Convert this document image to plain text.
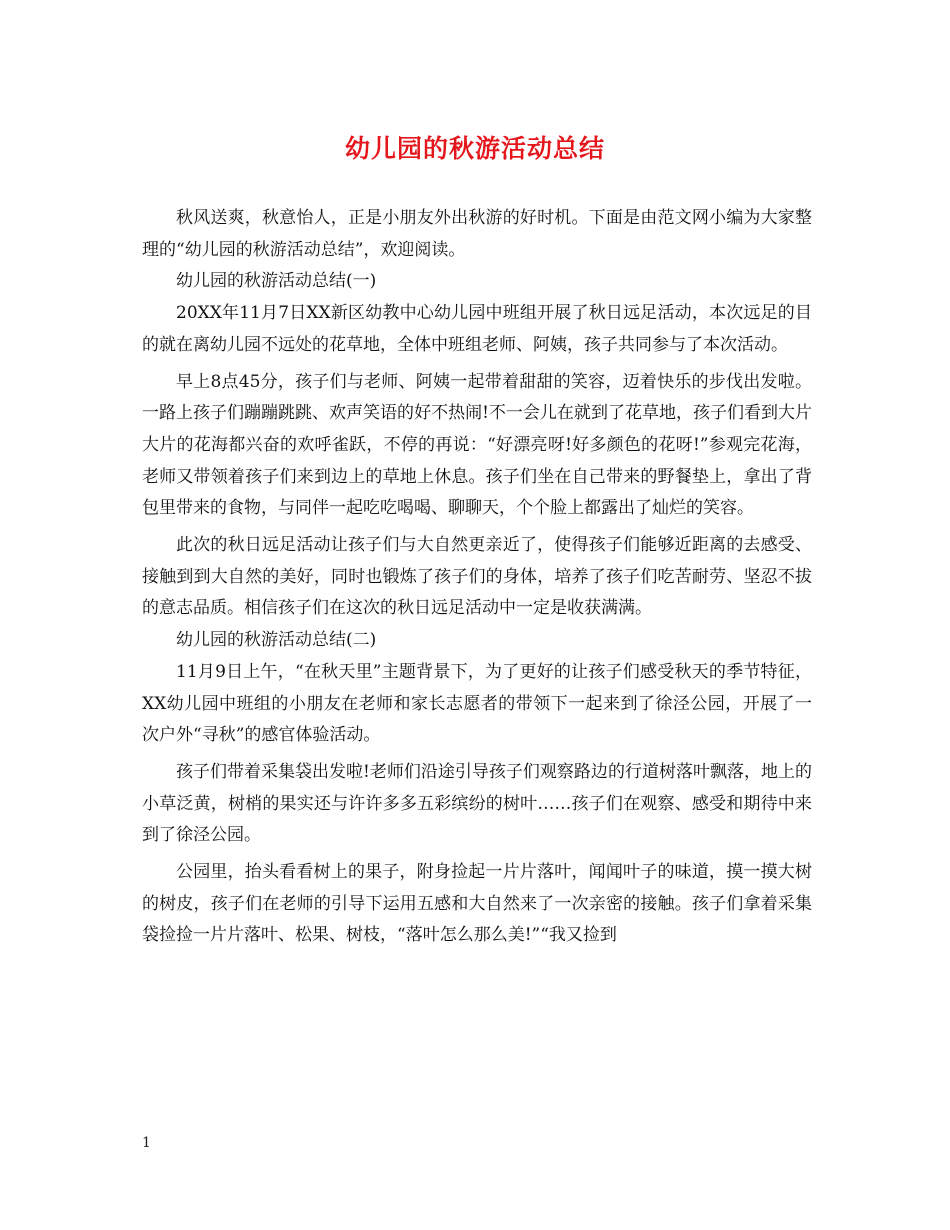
幼儿园的秋游活动总结

秋风送爽，秋意怡人，正是小朋友外出秋游的好时机。下面是由范文网小编为大家整理的“幼儿园的秋游活动总结”，欢迎阅读。

幼儿园的秋游活动总结(一)

20XX年11月7日XX新区幼教中心幼儿园中班组开展了秋日远足活动，本次远足的目的就在离幼儿园不远处的花草地，全体中班组老师、阿姨，孩子共同参与了本次活动。

早上8点45分，孩子们与老师、阿姨一起带着甜甜的笑容，迈着快乐的步伐出发啦。一路上孩子们蹦蹦跳跳、欢声笑语的好不热闹!不一会儿在就到了花草地，孩子们看到大片大片的花海都兴奋的欢呼雀跃，不停的再说：“好漂亮呀!好多颜色的花呀!”参观完花海，老师又带领着孩子们来到边上的草地上休息。孩子们坐在自己带来的野餐垫上，拿出了背包里带来的食物，与同伴一起吃吃喝喝、聊聊天，个个脸上都露出了灿烂的笑容。

此次的秋日远足活动让孩子们与大自然更亲近了，使得孩子们能够近距离的去感受、接触到到大自然的美好，同时也锻炼了孩子们的身体，培养了孩子们吃苦耐劳、坚忍不拔的意志品质。相信孩子们在这次的秋日远足活动中一定是收获满满。

幼儿园的秋游活动总结(二)

11月9日上午，“在秋天里”主题背景下，为了更好的让孩子们感受秋天的季节特征，XX幼儿园中班组的小朋友在老师和家长志愿者的带领下一起来到了徐泾公园，开展了一次户外“寻秋”的感官体验活动。

孩子们带着采集袋出发啦!老师们沿途引导孩子们观察路边的行道树落叶飘落，地上的小草泛黄，树梢的果实还与许许多多五彩缤纷的树叶……孩子们在观察、感受和期待中来到了徐泾公园。

公园里，抬头看看树上的果子，附身捡起一片片落叶，闻闻叶子的味道，摸一摸大树的树皮，孩子们在老师的引导下运用五感和大自然来了一次亲密的接触。孩子们拿着采集袋捡捡一片片落叶、松果、树枝，“落叶怎么那么美!”“我又捡到

1
